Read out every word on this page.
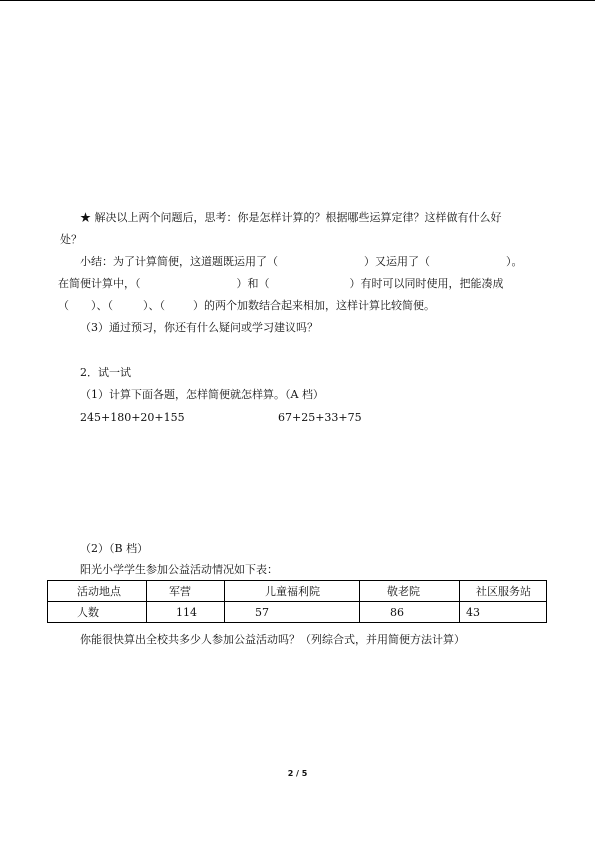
★ 解决以上两个问题后，思考：你是怎样计算的？根据哪些运算定律？这样做有什么好
处？
小结：为了计算简便，这道题既运用了（	）又运用了（	）。
在简便计算中，（	）和（	）有时可以同时使用，把能凑成
（ ）、（	）、（	）的两个加数结合起来相加，这样计算比较简便。
（3）通过预习，你还有什么疑问或学习建议吗？
2．试一试
（1）计算下面各题，怎样简便就怎样算。（A 档）
245+180+20+155	67+25+33+75
（2）（B 档）
阳光小学学生参加公益活动情况如下表：
活动地点	军营	儿童福利院	敬老院	社区服务站
人数	114	57	86	43
你能很快算出全校共多少人参加公益活动吗？（列综合式，并用简便方法计算）
2 / 5
